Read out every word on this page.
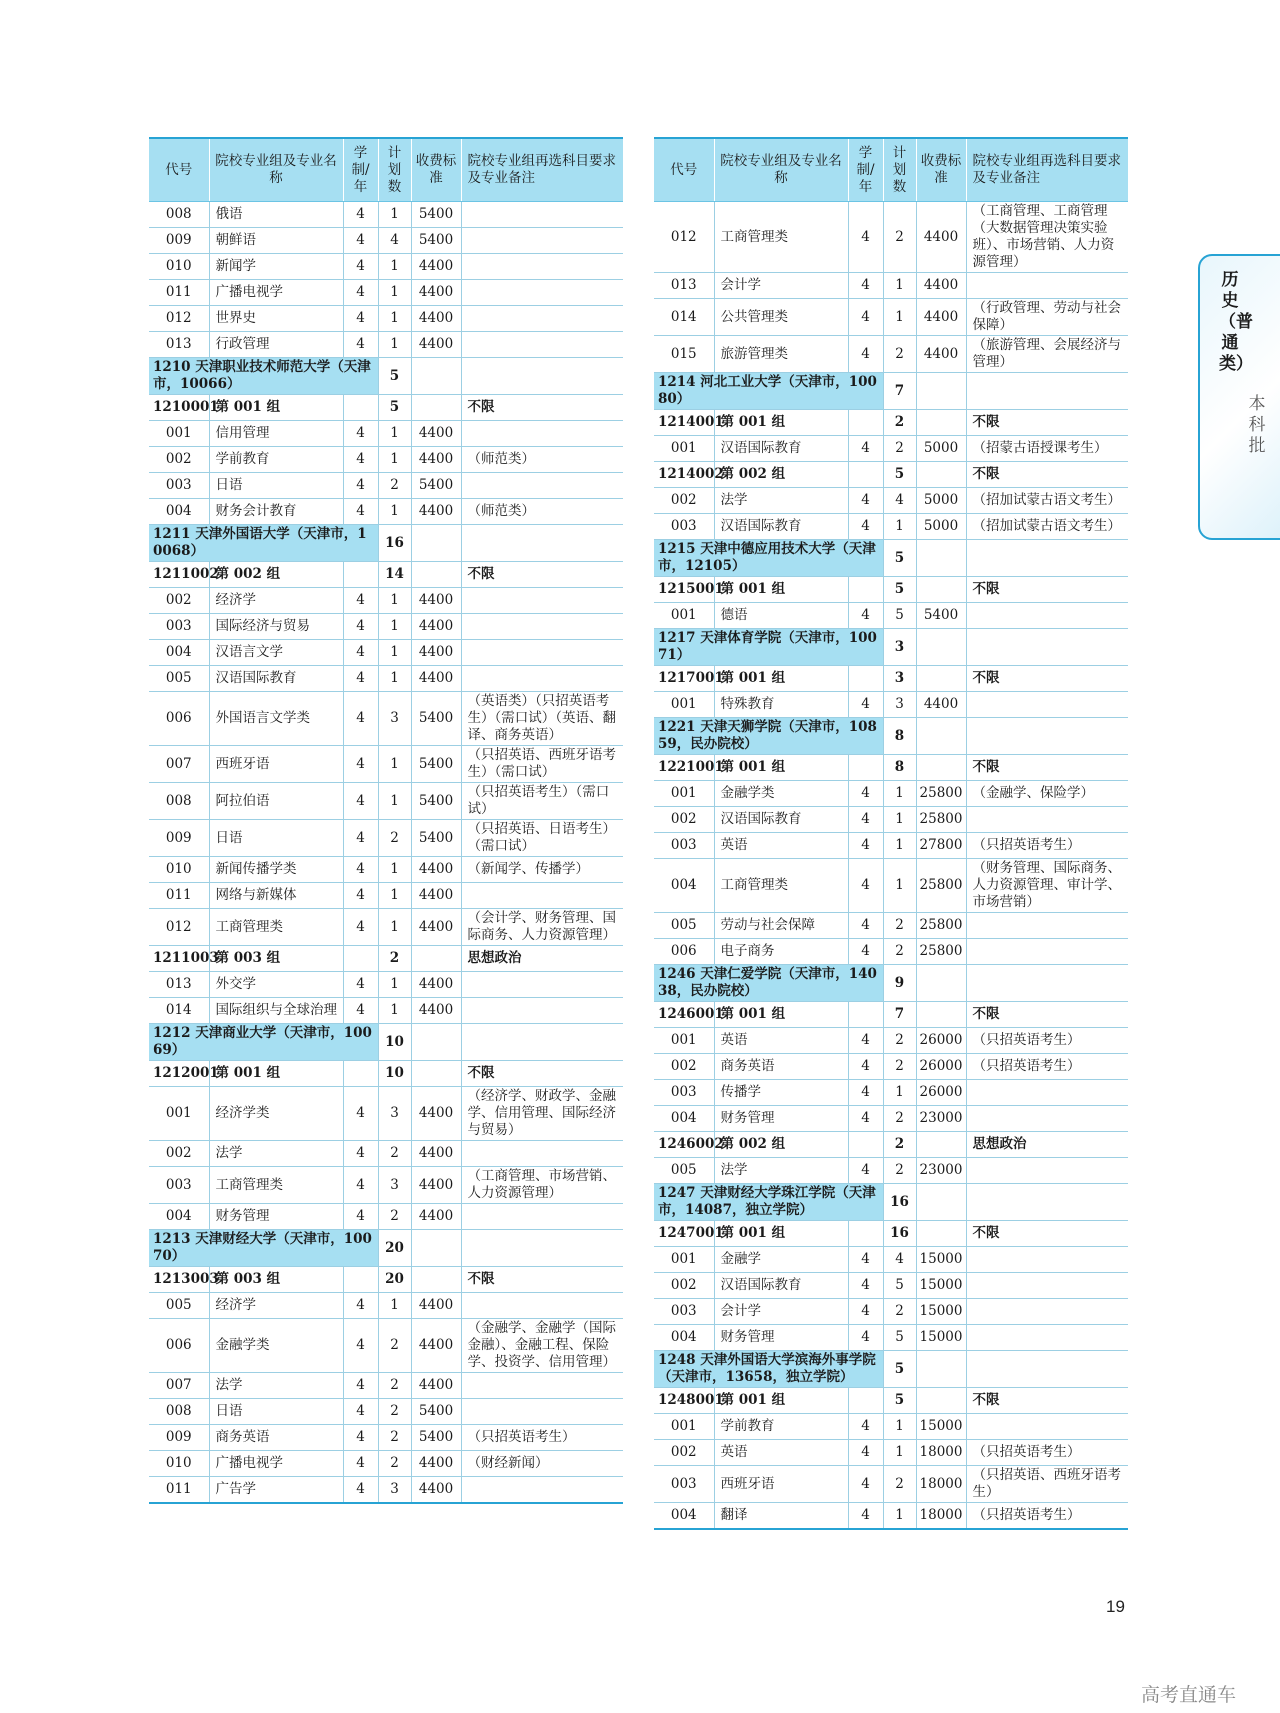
代号	院校专业组及专业名称	学制/年	计划数	收费标准	院校专业组再选科目要求及专业备注
008	俄语	4	1	5400	
009	朝鲜语	4	4	5400	
010	新闻学	4	1	4400	
011	广播电视学	4	1	4400	
012	世界史	4	1	4400	
013	行政管理	4	1	4400	
1210 天津职业技术师范大学（天津市，10066）			5		
1210001	第 001 组		5		不限
001	信用管理	4	1	4400	
002	学前教育	4	1	4400	（师范类）
003	日语	4	2	5400	
004	财务会计教育	4	1	4400	（师范类）
1211 天津外国语大学（天津市，10068）			16		
1211002	第 002 组		14		不限
002	经济学	4	1	4400	
003	国际经济与贸易	4	1	4400	
004	汉语言文学	4	1	4400	
005	汉语国际教育	4	1	4400	
006	外国语言文学类	4	3	5400	（英语类）（只招英语考生）（需口试）（英语、翻译、商务英语）
007	西班牙语	4	1	5400	（只招英语、西班牙语考生）（需口试）
008	阿拉伯语	4	1	5400	（只招英语考生）（需口试）
009	日语	4	2	5400	（只招英语、日语考生）（需口试）
010	新闻传播学类	4	1	4400	（新闻学、传播学）
011	网络与新媒体	4	1	4400	
012	工商管理类	4	1	4400	（会计学、财务管理、国际商务、人力资源管理）
1211003	第 003 组		2		思想政治
013	外交学	4	1	4400	
014	国际组织与全球治理	4	1	4400	
1212 天津商业大学（天津市，10069）			10		
1212001	第 001 组		10		不限
001	经济学类	4	3	4400	（经济学、财政学、金融学、信用管理、国际经济与贸易）
002	法学	4	2	4400	
003	工商管理类	4	3	4400	（工商管理、市场营销、人力资源管理）
004	财务管理	4	2	4400	
1213 天津财经大学（天津市，10070）			20		
1213003	第 003 组		20		不限
005	经济学	4	1	4400	
006	金融学类	4	2	4400	（金融学、金融学（国际金融）、金融工程、保险学、投资学、信用管理）
007	法学	4	2	4400	
008	日语	4	2	5400	
009	商务英语	4	2	5400	（只招英语考生）
010	广播电视学	4	2	4400	（财经新闻）
011	广告学	4	3	4400	
代号	院校专业组及专业名称	学制/年	计划数	收费标准	院校专业组再选科目要求及专业备注
012	工商管理类	4	2	4400	（工商管理、工商管理（大数据管理决策实验班）、市场营销、人力资源管理）
013	会计学	4	1	4400	
014	公共管理类	4	1	4400	（行政管理、劳动与社会保障）
015	旅游管理类	4	2	4400	（旅游管理、会展经济与管理）
1214 河北工业大学（天津市，10080）			7		
1214001	第 001 组		2		不限
001	汉语国际教育	4	2	5000	（招蒙古语授课考生）
1214002	第 002 组		5		不限
002	法学	4	4	5000	（招加试蒙古语文考生）
003	汉语国际教育	4	1	5000	（招加试蒙古语文考生）
1215 天津中德应用技术大学（天津市，12105）			5		
1215001	第 001 组		5		不限
001	德语	4	5	5400	
1217 天津体育学院（天津市，10071）			3		
1217001	第 001 组		3		不限
001	特殊教育	4	3	4400	
1221 天津天狮学院（天津市，10859，民办院校）			8		
1221001	第 001 组		8		不限
001	金融学类	4	1	25800	（金融学、保险学）
002	汉语国际教育	4	1	25800	
003	英语	4	1	27800	（只招英语考生）
004	工商管理类	4	1	25800	（财务管理、国际商务、人力资源管理、审计学、市场营销）
005	劳动与社会保障	4	2	25800	
006	电子商务	4	2	25800	
1246 天津仁爱学院（天津市，14038，民办院校）			9		
1246001	第 001 组		7		不限
001	英语	4	2	26000	（只招英语考生）
002	商务英语	4	2	26000	（只招英语考生）
003	传播学	4	1	26000	
004	财务管理	4	2	23000	
1246002	第 002 组		2		思想政治
005	法学	4	2	23000	
1247 天津财经大学珠江学院（天津市，14087，独立学院）			16		
1247001	第 001 组		16		不限
001	金融学	4	4	15000	
002	汉语国际教育	4	5	15000	
003	会计学	4	2	15000	
004	财务管理	4	5	15000	
1248 天津外国语大学滨海外事学院（天津市，13658，独立学院）			5		
1248001	第 001 组		5		不限
001	学前教育	4	1	15000	
002	英语	4	1	18000	（只招英语考生）
003	西班牙语	4	2	18000	（只招英语、西班牙语考生）
004	翻译	4	1	18000	（只招英语考生）
历史（普通类）
本科批
19
高考直通车
